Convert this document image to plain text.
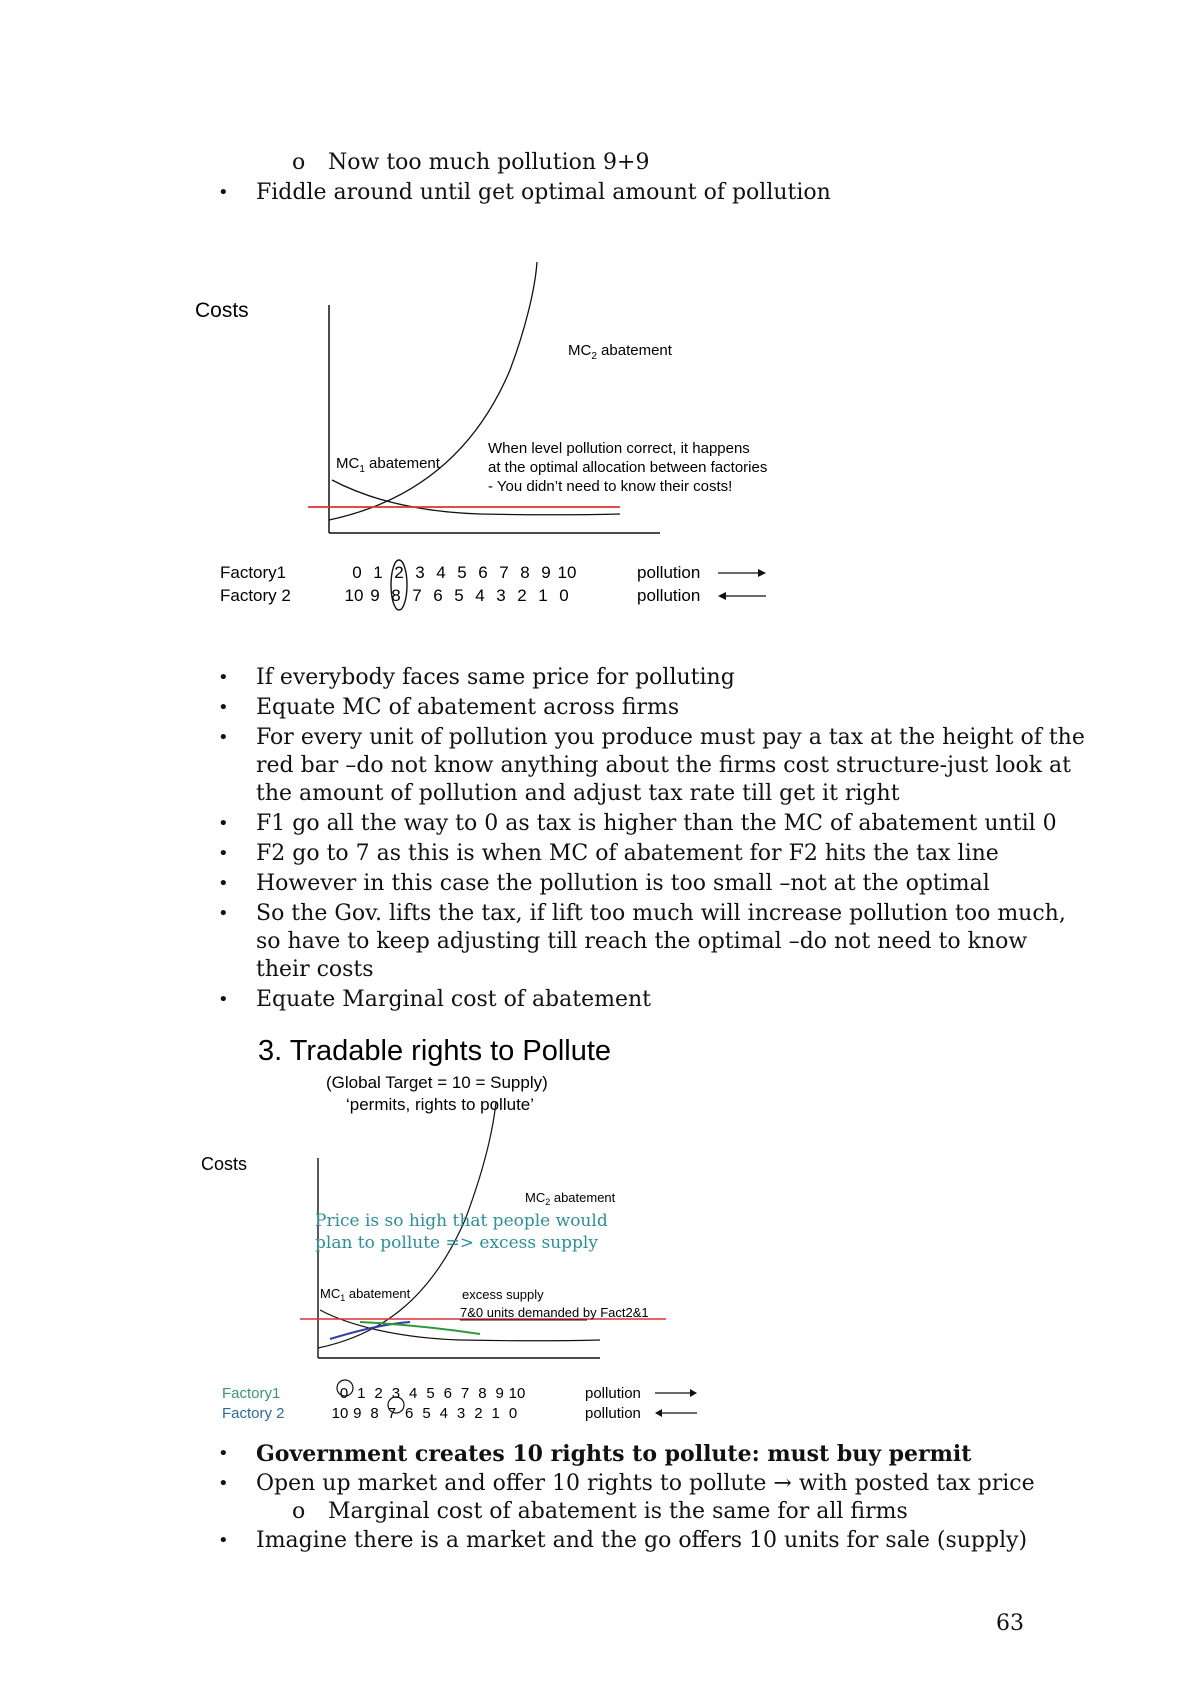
o Now too much pollution 9+9
• Fiddle around until get optimal amount of pollution
Costs
$MC_2$ abatement
$MC_1$ abatement
When level pollution correct, it happens
at the optimal allocation between factories
- You didn’t need to know their costs!
Factory1
Factory 2
0 1 2 3 4 5 6 7 8 9 10
10 9 8 7 6 5 4 3 2 1 0
pollution
pollution
• If everybody faces same price for polluting
• Equate MC of abatement across firms
• For every unit of pollution you produce must pay a tax at the height of the
red bar –do not know anything about the firms cost structure-just look at
the amount of pollution and adjust tax rate till get it right
• F1 go all the way to 0 as tax is higher than the MC of abatement until 0
• F2 go to 7 as this is when MC of abatement for F2 hits the tax line
• However in this case the pollution is too small –not at the optimal
• So the Gov. lifts the tax, if lift too much will increase pollution too much,
so have to keep adjusting till reach the optimal –do not need to know
their costs
• Equate Marginal cost of abatement
3. Tradable rights to Pollute
(Global Target = 10 = Supply)
‘permits, rights to pollute’
Costs
$MC_2$ abatement
Price is so high that people would
plan to pollute => excess supply
$MC_1$ abatement	excess supply
7&0 units demanded by Fact2&1
Factory1
Factory 2
0 1 2 3 4 5 6 7 8 9 10
10 9 8 7 6 5 4 3 2 1 0
pollution
pollution
• Government creates 10 rights to pollute: must buy permit
• Open up market and offer 10 rights to pollute → with posted tax price
o Marginal cost of abatement is the same for all firms
• Imagine there is a market and the go offers 10 units for sale (supply)
63
